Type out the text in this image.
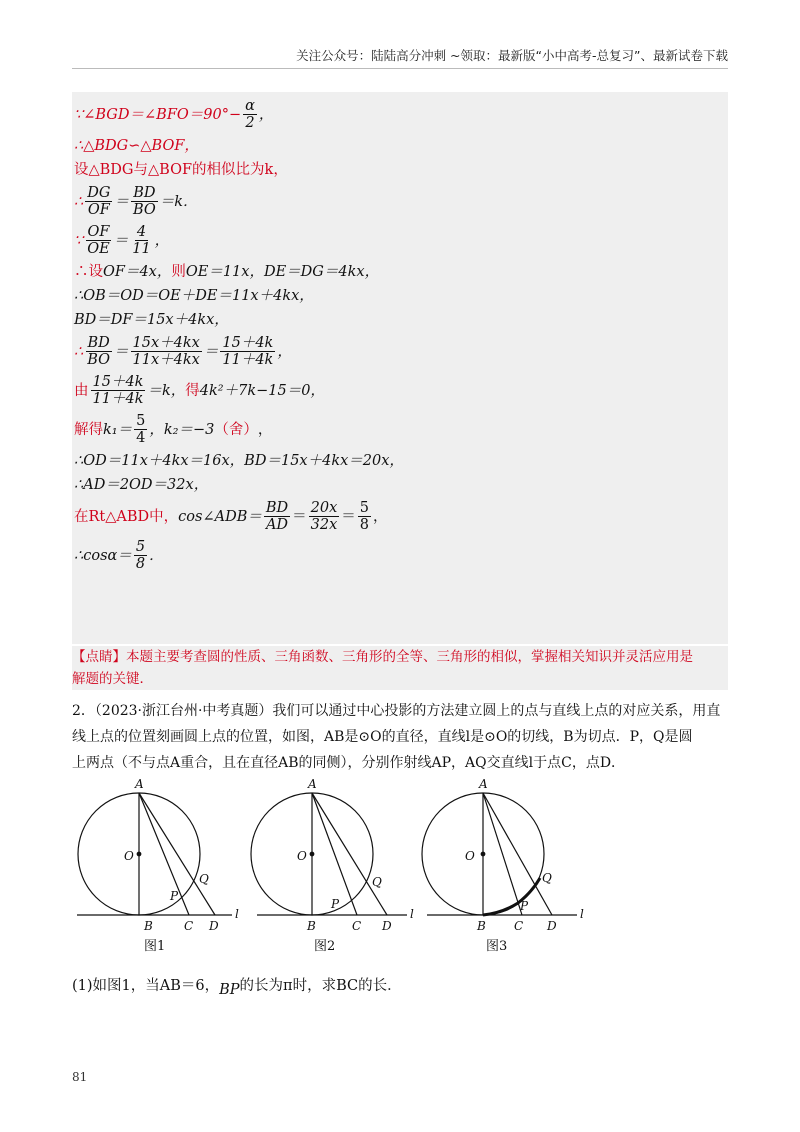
关注公众号：陆陆高分冲刺 ~领取：最新版“小中高考-总复习”、最新试卷下载
∵∠BGD＝∠BFO＝90°− $\frac{\alpha}{2}$ ，
∴△BDG∽△BOF，
设△BDG与△BOF的相似比为k，
∴ $\frac{DG}{OF} = \frac{BD}{BO} =k$．
∵ $\frac{OF}{OE} = \frac{4}{11}$ ，
∴设 OF＝4x， 则 OE＝11x，DE＝DG＝4kx，
∴OB＝OD＝OE＋DE＝11x＋4kx，
BD＝DF＝15x＋4kx，
∴ $\frac{BD}{BO} = \frac{15x+4kx}{11x+4kx} = \frac{15+4k}{11+4k}$ ，
由 $\frac{15+4k}{11+4k} =k$， 得 4k²＋7k−15＝0，
解得 $k_1= \frac{5}{4}$ ，k₂＝−3 （舍） ，
∴OD＝11x＋4kx＝16x，BD＝15x＋4kx＝20x，
∴AD＝2OD＝32x，
在Rt△ABD中， cos∠ADB＝ $\frac{BD}{AD} = \frac{20x}{32x} = \frac{5}{8}$ ，
∴cosα＝ $\frac{5}{8}$ ．
【点睛】本题主要考查圆的性质、三角函数、三角形的全等、三角形的相似，掌握相关知识并灵活应用是
解题的关键．
2．（2023·浙江台州·中考真题）我们可以通过中心投影的方法建立圆上的点与直线上点的对应关系，用直
线上点的位置刻画圆上点的位置，如图，AB是⊙O的直径，直线l是⊙O的切线，B为切点．P，Q是圆
上两点（不与点A重合，且在直径AB的同侧），分别作射线AP，AQ交直线l于点C，点D．
A
O
B	C D
P
Q
l
A
O
B	C D
P
Q
l
A
O
B C D
P
Q
l
图1	图2	图3
(1)如图1，当AB＝6，BP的长为π时，求BC的长．
81
